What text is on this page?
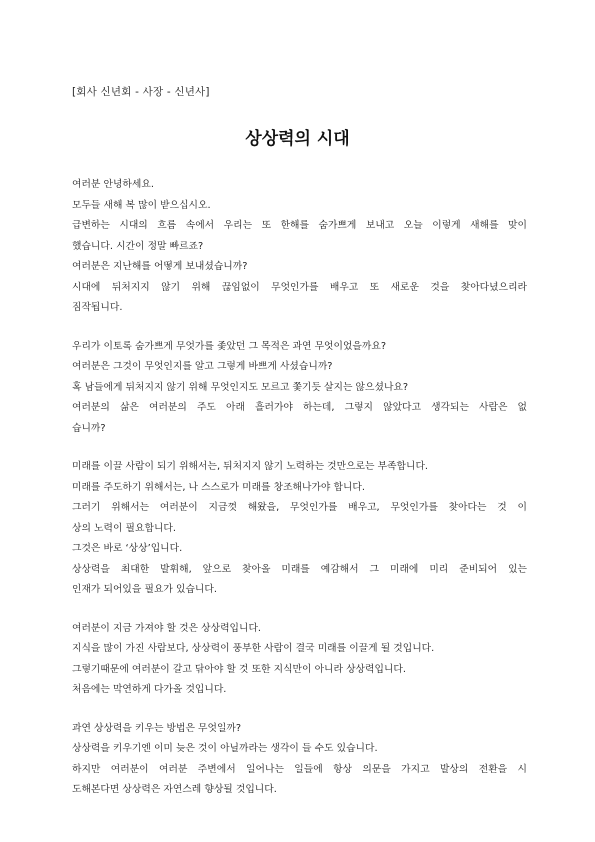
[회사 신년회 - 사장 - 신년사]
상상력의 시대
여러분 안녕하세요.
모두들 새해 복 많이 받으십시오.
급변하는 시대의 흐름 속에서 우리는 또 한해를 숨가쁘게 보내고 오늘 이렇게 새해를 맞이
했습니다. 시간이 정말 빠르죠?
여러분은 지난해를 어떻게 보내셨습니까?
시대에 뒤처지지 않기 위해 끊임없이 무엇인가를 배우고 또 새로운 것을 찾아다녔으리라
짐작됩니다.
우리가 이토록 숨가쁘게 무엇가를 좇았던 그 목적은 과연 무엇이었을까요?
여러분은 그것이 무엇인지를 알고 그렇게 바쁘게 사셨습니까?
혹 남들에게 뒤처지지 않기 위해 무엇인지도 모르고 쫓기듯 살지는 않으셨나요?
여러분의 삶은 여러분의 주도 아래 흘러가야 하는데, 그렇지 않았다고 생각되는 사람은 없
습니까?
미래를 이끌 사람이 되기 위해서는, 뒤처지지 않기 노력하는 것만으로는 부족합니다.
미래를 주도하기 위해서는, 나 스스로가 미래를 창조해나가야 합니다.
그러기 위해서는 여러분이 지금껏 해왔을, 무엇인가를 배우고, 무엇인가를 찾아다는 것 이
상의 노력이 필요합니다.
그것은 바로 ‘상상’입니다.
상상력을 최대한 발휘해, 앞으로 찾아올 미래를 예감해서 그 미래에 미리 준비되어 있는
인재가 되어있을 필요가 있습니다.
여러분이 지금 가져야 할 것은 상상력입니다.
지식을 많이 가진 사람보다, 상상력이 풍부한 사람이 결국 미래를 이끌게 될 것입니다.
그렇기때문에 여러분이 갈고 닦아야 할 것 또한 지식만이 아니라 상상력입니다.
처음에는 막연하게 다가올 것입니다.
과연 상상력을 키우는 방법은 무엇일까?
상상력을 키우기엔 이미 늦은 것이 아닐까라는 생각이 들 수도 있습니다.
하지만 여러분이 여러분 주변에서 일어나는 일들에 항상 의문을 가지고 발상의 전환을 시
도해본다면 상상력은 자연스레 향상될 것입니다.
